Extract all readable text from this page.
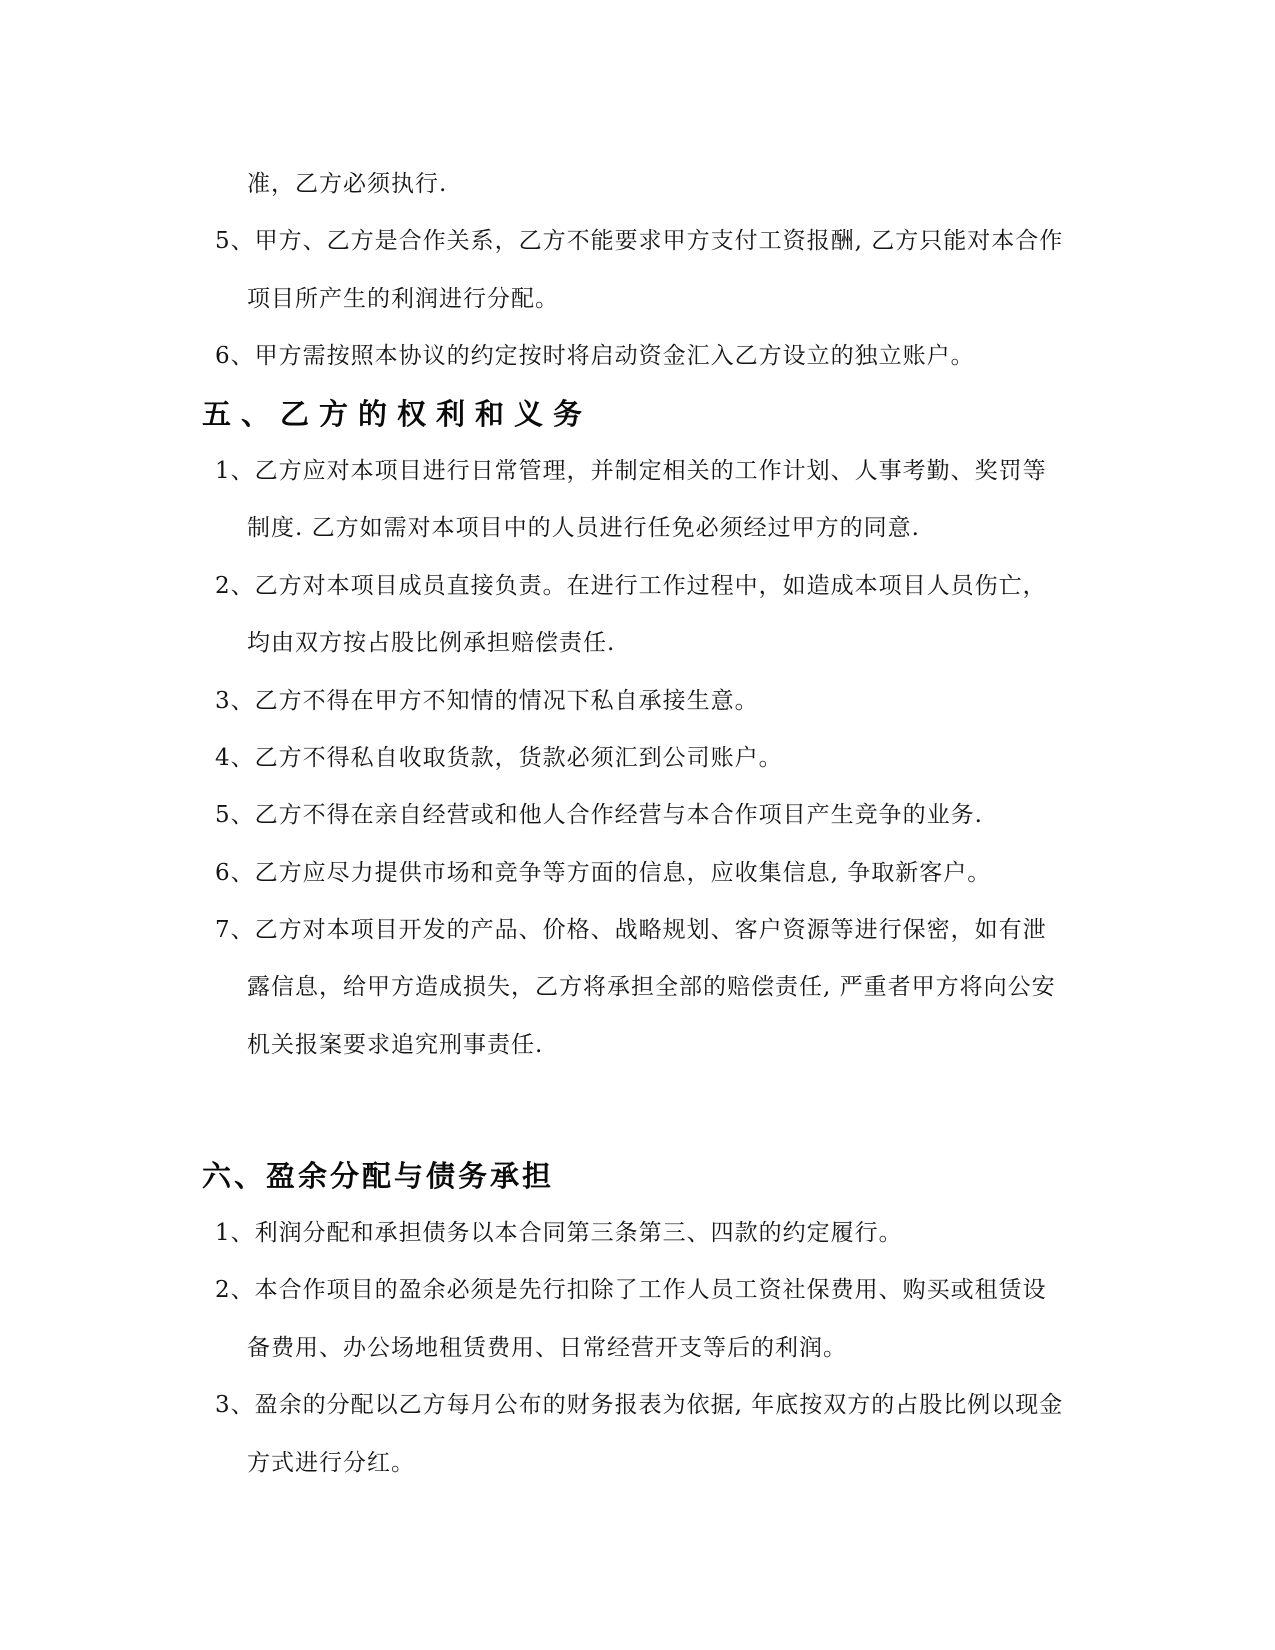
准，乙方必须执行.
5、甲方、乙方是合作关系，乙方不能要求甲方支付工资报酬, 乙方只能对本合作
项目所产生的利润进行分配。
6、甲方需按照本协议的约定按时将启动资金汇入乙方设立的独立账户。
五、乙方的权利和义务
1、乙方应对本项目进行日常管理，并制定相关的工作计划、人事考勤、奖罚等
制度. 乙方如需对本项目中的人员进行任免必须经过甲方的同意.
2、乙方对本项目成员直接负责。在进行工作过程中，如造成本项目人员伤亡，
均由双方按占股比例承担赔偿责任.
3、乙方不得在甲方不知情的情况下私自承接生意。
4、乙方不得私自收取货款，货款必须汇到公司账户。
5、乙方不得在亲自经营或和他人合作经营与本合作项目产生竞争的业务.
6、乙方应尽力提供市场和竞争等方面的信息，应收集信息, 争取新客户。
7、乙方对本项目开发的产品、价格、战略规划、客户资源等进行保密，如有泄
露信息，给甲方造成损失，乙方将承担全部的赔偿责任, 严重者甲方将向公安
机关报案要求追究刑事责任.
六、盈余分配与债务承担
1、利润分配和承担债务以本合同第三条第三、四款的约定履行。
2、本合作项目的盈余必须是先行扣除了工作人员工资社保费用、购买或租赁设
备费用、办公场地租赁费用、日常经营开支等后的利润。
3、盈余的分配以乙方每月公布的财务报表为依据, 年底按双方的占股比例以现金
方式进行分红。
